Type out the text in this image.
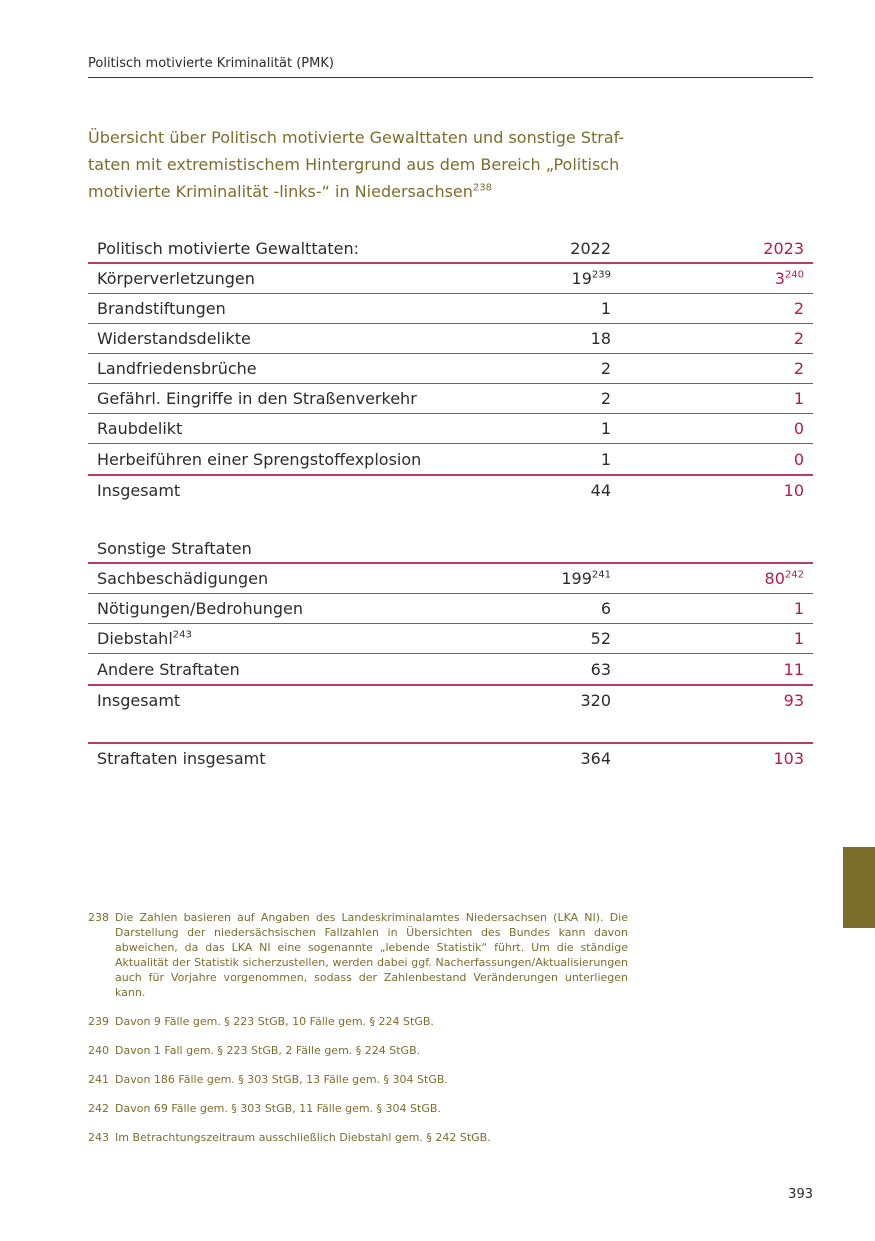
Politisch motivierte Kriminalität (PMK)
Übersicht über Politisch motivierte Gewalttaten und sonstige Straf-
taten mit extremistischem Hintergrund aus dem Bereich „Politisch
motivierte Kriminalität -links-“ in Niedersachsen$^{238}$
Politisch motivierte Gewalttaten:	2022	2023
Körperverletzungen	$19^{239}$	$3^{240}$
Brandstiftungen	1	2
Widerstandsdelikte	18	2
Landfriedensbrüche	2	2
Gefährl. Eingriffe in den Straßenverkehr	2	1
Raubdelikt	1	0
Herbeiführen einer Sprengstoffexplosion	1	0
Insgesamt	44	10
Sonstige Straftaten
Sachbeschädigungen	$199^{241}$	$80^{242}$
Nötigungen/Bedrohungen	6	1
Diebstahl$^{243}$	52	1
Andere Straftaten	63	11
Insgesamt	320	93
Straftaten insgesamt	364	103
238 Die Zahlen basieren auf Angaben des Landeskriminalamtes Niedersachsen (LKA NI). Die Darstellung der niedersächsischen Fallzahlen in Übersichten des Bundes kann davon abweichen, da das LKA NI eine sogenannte „lebende Statistik“ führt. Um die ständige Aktualität der Statistik sicherzustellen, werden dabei ggf. Nacherfassungen/Aktualisierungen auch für Vorjahre vorgenommen, sodass der Zahlenbestand Veränderungen unterliegen kann.
239 Davon 9 Fälle gem. § 223 StGB, 10 Fälle gem. § 224 StGB.
240 Davon 1 Fall gem. § 223 StGB, 2 Fälle gem. § 224 StGB.
241 Davon 186 Fälle gem. § 303 StGB, 13 Fälle gem. § 304 StGB.
242 Davon 69 Fälle gem. § 303 StGB, 11 Fälle gem. § 304 StGB.
243 Im Betrachtungszeitraum ausschließlich Diebstahl gem. § 242 StGB.
393
